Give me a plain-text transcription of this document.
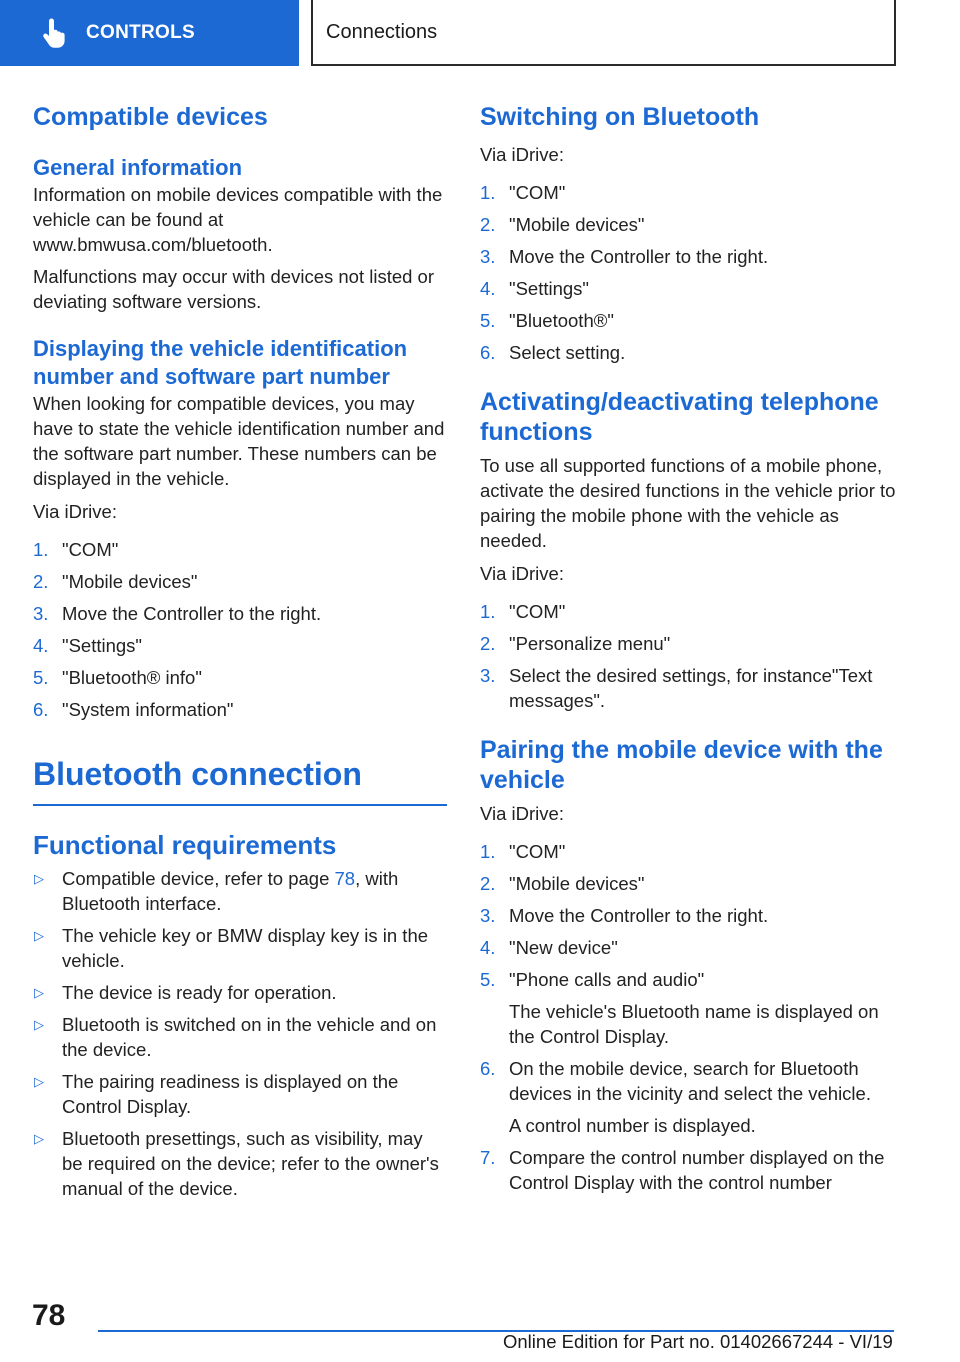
CONTROLS	Connections
Compatible devices
General information

Information on mobile devices compatible with the vehicle can be found at www.bmwusa.com/bluetooth.

Malfunctions may occur with devices not listed or deviating software versions.

Displaying the vehicle identification number and software part number

When looking for compatible devices, you may have to state the vehicle identification number and the software part number. These numbers can be displayed in the vehicle.

Via iDrive:

1. "COM"
2. "Mobile devices"
3. Move the Controller to the right.
4. "Settings"
5. "Bluetooth® info"
6. "System information"
Bluetooth connection
Functional requirements
▷ Compatible device, refer to page 78, with Bluetooth interface.
▷ The vehicle key or BMW display key is in the vehicle.
▷ The device is ready for operation.
▷ Bluetooth is switched on in the vehicle and on the device.
▷ The pairing readiness is displayed on the Control Display.
▷ Bluetooth presettings, such as visibility, may be required on the device; refer to the owner's manual of the device.
Switching on Bluetooth

Via iDrive:

1. "COM"
2. "Mobile devices"
3. Move the Controller to the right.
4. "Settings"
5. "Bluetooth®"
6. Select setting.
Activating/deactivating telephone functions

To use all supported functions of a mobile phone, activate the desired functions in the vehicle prior to pairing the mobile phone with the vehicle as needed.

Via iDrive:

1. "COM"
2. "Personalize menu"
3. Select the desired settings, for instance"Text messages".
Pairing the mobile device with the vehicle

Via iDrive:

1. "COM"
2. "Mobile devices"
3. Move the Controller to the right.
4. "New device"
5. "Phone calls and audio"

The vehicle's Bluetooth name is displayed on the Control Display.

6. On the mobile device, search for Bluetooth devices in the vicinity and select the vehicle.

A control number is displayed.

7. Compare the control number displayed on the Control Display with the control number
78
Online Edition for Part no. 01402667244 - VI/19
